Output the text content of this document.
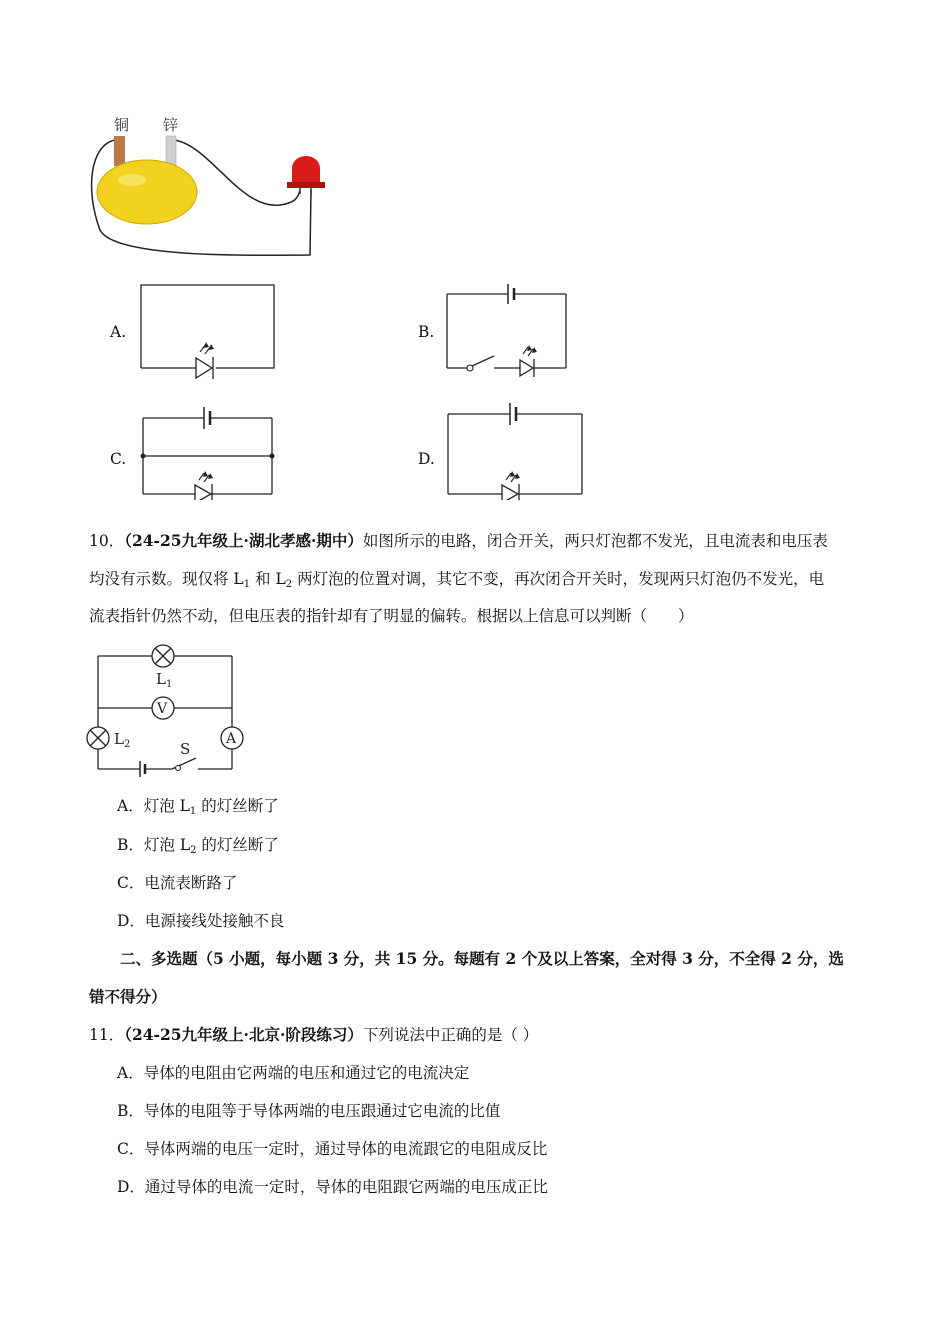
铜 锌
A.	B.
C.	D.
10．（24-25九年级上·湖北孝感·期中）如图所示的电路，闭合开关，两只灯泡都不发光，且电流表和电压表
均没有示数。现仅将 $L_1$ 和 $L_2$ 两灯泡的位置对调，其它不变，再次闭合开关时，发现两只灯泡仍不发光，电
流表指针仍然不动，但电压表的指针却有了明显的偏转。根据以上信息可以判断（　　）
$L_1$
V
$L_2$	A
S
A．灯泡 $L_1$ 的灯丝断了
B．灯泡 $L_2$ 的灯丝断了
C．电流表断路了
D．电源接线处接触不良
二、多选题（5 小题，每小题 3 分，共 15 分。每题有 2 个及以上答案，全对得 3 分，不全得 2 分，选
错不得分）
11．（24-25九年级上·北京·阶段练习）下列说法中正确的是（ ）
A．导体的电阻由它两端的电压和通过它的电流决定
B．导体的电阻等于导体两端的电压跟通过它电流的比值
C．导体两端的电压一定时，通过导体的电流跟它的电阻成反比
D．通过导体的电流一定时，导体的电阻跟它两端的电压成正比
